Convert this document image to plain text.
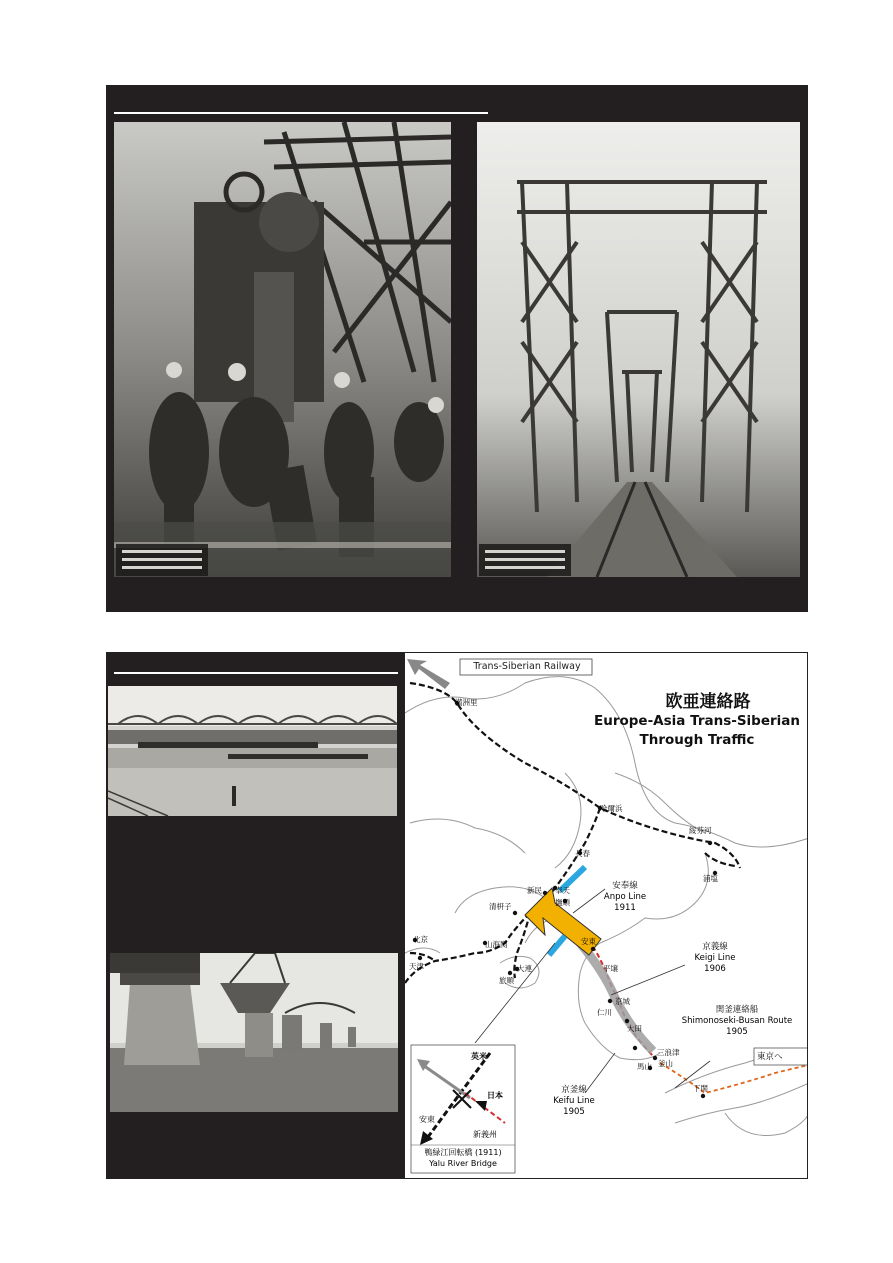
Trans-Siberian Railway
欧亜連絡路
Europe-Asia Trans-Siberian
Through Traffic
満洲里
哈爾浜
綏芬河
長春
浦塩
新民 奉天
撫順
清枅子
北京
山海関
天津	大連
旅順
安東
平壌
京城
仁川
大田
三浪津
釜山
馬山
下関
安奉線
Anpo Line
1911
京義線
Keigi Line
1906
関釜連絡船
Shimonoseki-Busan Route
1905
京釜線
Keifu Line
1905
東京へ
英米
日本
安東
新義州
鴨緑江回転橋 (1911)
Yalu River Bridge
